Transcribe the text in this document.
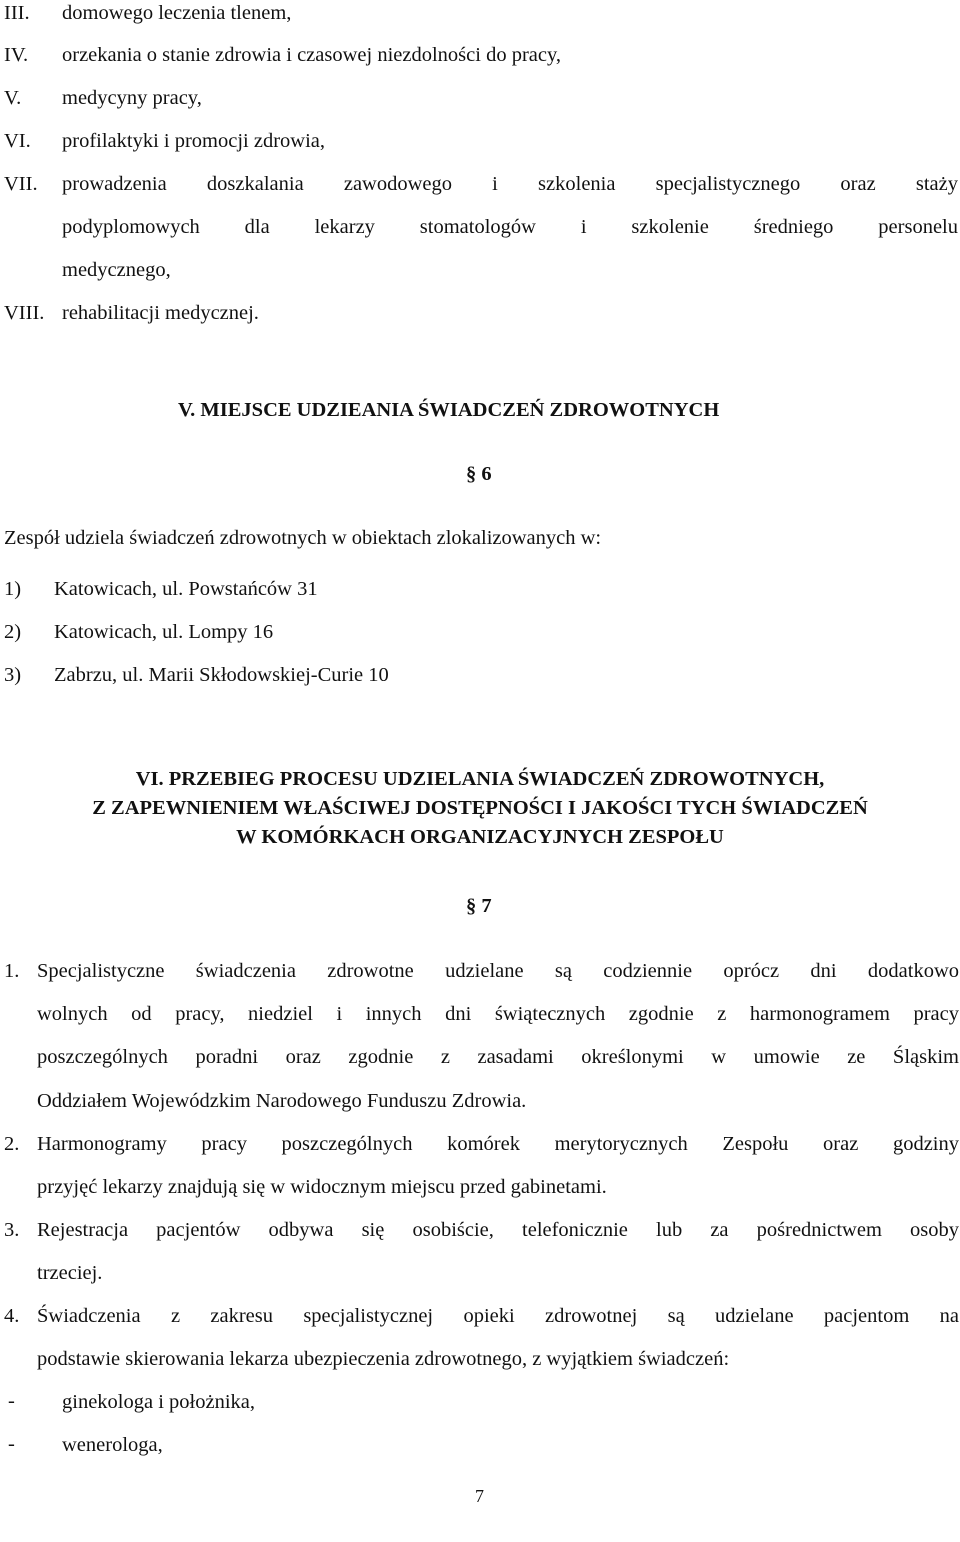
III. domowego leczenia tlenem,
IV. orzekania o stanie zdrowia i czasowej niezdolności do pracy,
V. medycyny pracy,
VI. profilaktyki i promocji zdrowia,
VII. prowadzenia doszkalania zawodowego i szkolenia specjalistycznego oraz staży
podyplomowych dla lekarzy stomatologów i szkolenie średniego personelu
medycznego,
VIII. rehabilitacji medycznej.
V. MIEJSCE UDZIEANIA ŚWIADCZEŃ ZDROWOTNYCH
§ 6
Zespół udziela świadczeń zdrowotnych w obiektach zlokalizowanych w:
1) Katowicach, ul. Powstańców 31
2) Katowicach, ul. Lompy 16
3) Zabrzu, ul. Marii Skłodowskiej-Curie 10
VI. PRZEBIEG PROCESU UDZIELANIA ŚWIADCZEŃ ZDROWOTNYCH,
Z ZAPEWNIENIEM WŁAŚCIWEJ DOSTĘPNOŚCI I JAKOŚCI TYCH ŚWIADCZEŃ
W KOMÓRKACH ORGANIZACYJNYCH ZESPOŁU
§ 7
1. Specjalistyczne świadczenia zdrowotne udzielane są codziennie oprócz dni dodatkowo
wolnych od pracy, niedziel i innych dni świątecznych zgodnie z harmonogramem pracy
poszczególnych poradni oraz zgodnie z zasadami określonymi w umowie ze Śląskim
Oddziałem Wojewódzkim Narodowego Funduszu Zdrowia.
2. Harmonogramy pracy poszczególnych komórek merytorycznych Zespołu oraz godziny
przyjęć lekarzy znajdują się w widocznym miejscu przed gabinetami.
3. Rejestracja pacjentów odbywa się osobiście, telefonicznie lub za pośrednictwem osoby
trzeciej.
4. Świadczenia z zakresu specjalistycznej opieki zdrowotnej są udzielane pacjentom na
podstawie skierowania lekarza ubezpieczenia zdrowotnego, z wyjątkiem świadczeń:
- ginekologa i położnika,
- wenerologa,
7
